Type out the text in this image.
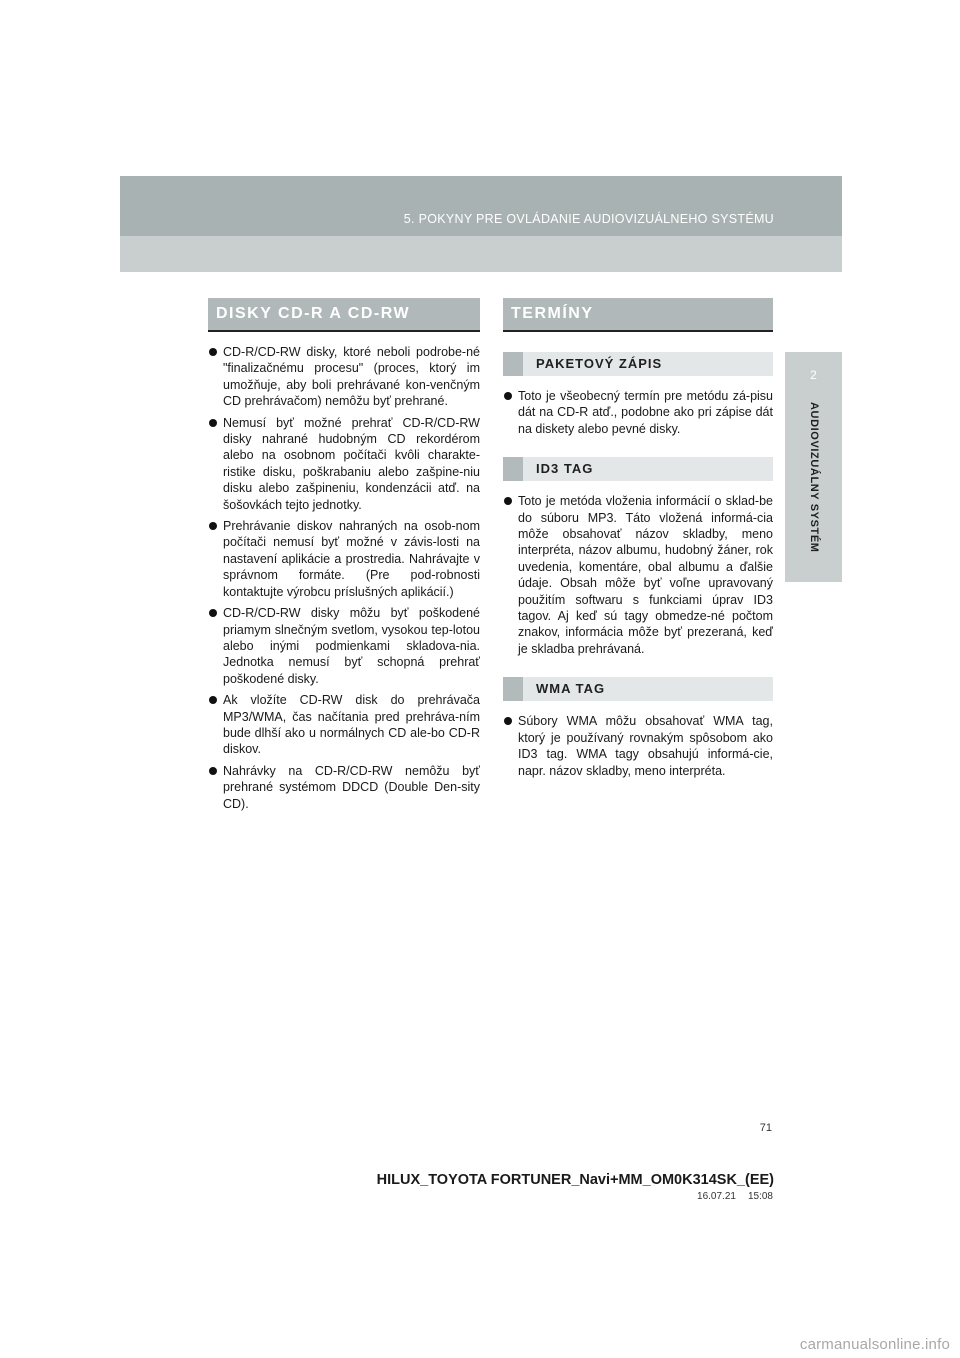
5. POKYNY PRE OVLÁDANIE AUDIOVIZUÁLNEHO SYSTÉMU
2
AUDIOVIZUÁLNY SYSTÉM
DISKY CD-R A CD-RW
CD-R/CD-RW disky, ktoré neboli podrobe-né "finalizačnému procesu" (proces, ktorý im umožňuje, aby boli prehrávané kon-venčným CD prehrávačom) nemôžu byť prehrané.
Nemusí byť možné prehrať CD-R/CD-RW disky nahrané hudobným CD rekordérom alebo na osobnom počítači kvôli charakte-ristike disku, poškrabaniu alebo zašpine-niu disku alebo zašpineniu, kondenzácii atď. na šošovkách tejto jednotky.
Prehrávanie diskov nahraných na osob-nom počítači nemusí byť možné v závis-losti na nastavení aplikácie a prostredia. Nahrávajte v správnom formáte. (Pre pod-robnosti kontaktujte výrobcu príslušných aplikácií.)
CD-R/CD-RW disky môžu byť poškodené priamym slnečným svetlom, vysokou tep-lotou alebo inými podmienkami skladova-nia. Jednotka nemusí byť schopná prehrať poškodené disky.
Ak vložíte CD-RW disk do prehrávača MP3/WMA, čas načítania pred prehráva-ním bude dlhší ako u normálnych CD ale-bo CD-R diskov.
Nahrávky na CD-R/CD-RW nemôžu byť prehrané systémom DDCD (Double Den-sity CD).
TERMÍNY
PAKETOVÝ ZÁPIS
Toto je všeobecný termín pre metódu zá-pisu dát na CD-R atď., podobne ako pri zápise dát na diskety alebo pevné disky.
ID3 TAG
Toto je metóda vloženia informácií o sklad-be do súboru MP3. Táto vložená informá-cia môže obsahovať názov skladby, meno interpréta, názov albumu, hudobný žáner, rok uvedenia, komentáre, obal albumu a ďalšie údaje. Obsah môže byť voľne upravovaný použitím softwaru s funkciami úprav ID3 tagov. Aj keď sú tagy obmedze-né počtom znakov, informácia môže byť prezeraná, keď je skladba prehrávaná.
WMA TAG
Súbory WMA môžu obsahovať WMA tag, ktorý je používaný rovnakým spôsobom ako ID3 tag. WMA tagy obsahujú informá-cie, napr. názov skladby, meno interpréta.
71
HILUX_TOYOTA FORTUNER_Navi+MM_OM0K314SK_(EE)
16.07.21 15:08
carmanualsonline.info
